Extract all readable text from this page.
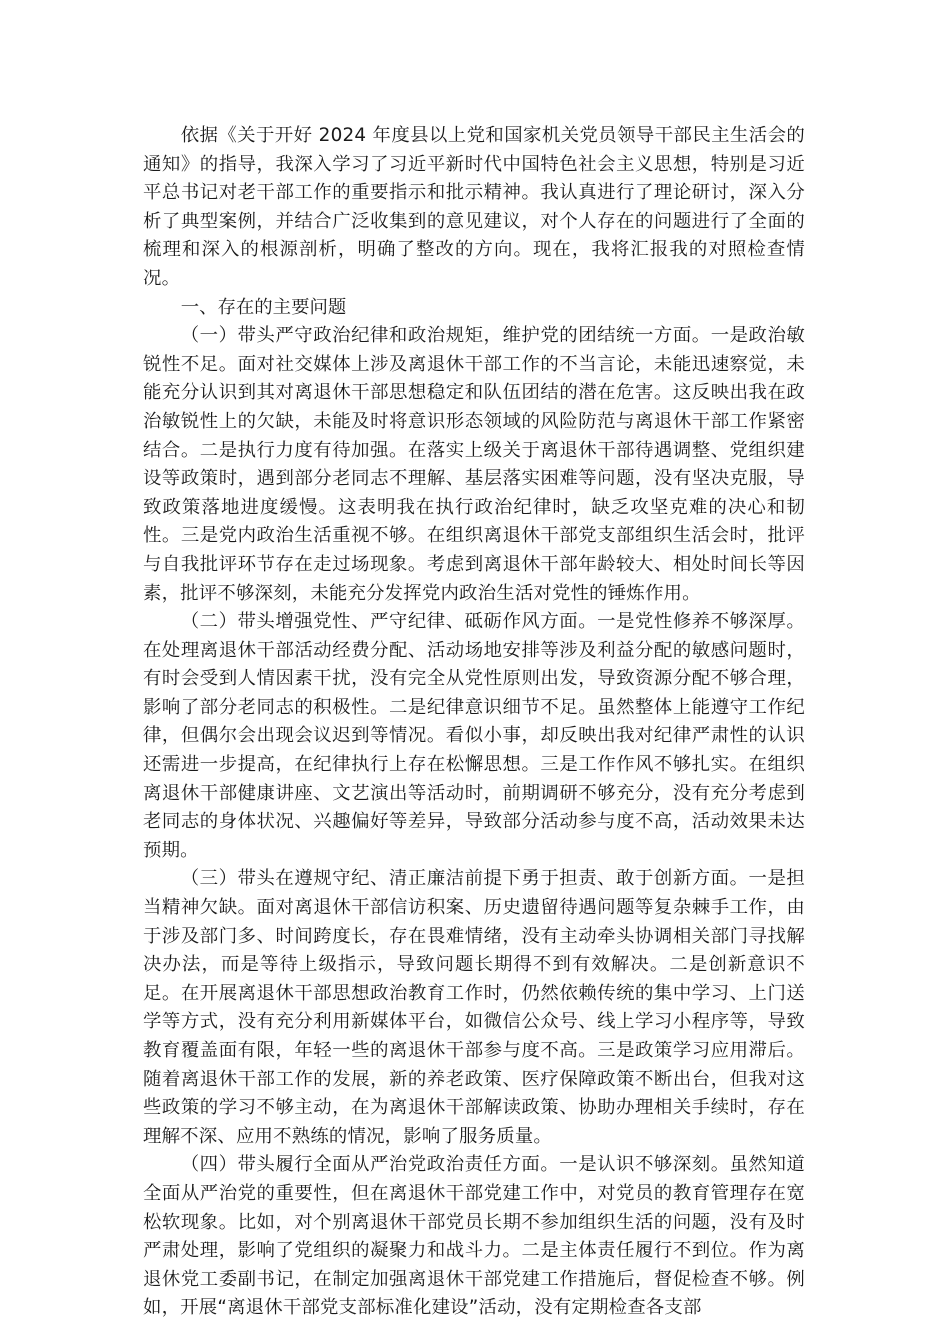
依据《关于开好 2024 年度县以上党和国家机关党员领导干部民主生活会的通知》的指导，我深入学习了习近平新时代中国特色社会主义思想，特别是习近平总书记对老干部工作的重要指示和批示精神。我认真进行了理论研讨，深入分析了典型案例，并结合广泛收集到的意见建议，对个人存在的问题进行了全面的梳理和深入的根源剖析，明确了整改的方向。现在，我将汇报我的对照检查情况。

一、存在的主要问题

（一）带头严守政治纪律和政治规矩，维护党的团结统一方面。一是政治敏锐性不足。面对社交媒体上涉及离退休干部工作的不当言论，未能迅速察觉，未能充分认识到其对离退休干部思想稳定和队伍团结的潜在危害。这反映出我在政治敏锐性上的欠缺，未能及时将意识形态领域的风险防范与离退休干部工作紧密结合。二是执行力度有待加强。在落实上级关于离退休干部待遇调整、党组织建设等政策时，遇到部分老同志不理解、基层落实困难等问题，没有坚决克服，导致政策落地进度缓慢。这表明我在执行政治纪律时，缺乏攻坚克难的决心和韧性。三是党内政治生活重视不够。在组织离退休干部党支部组织生活会时，批评与自我批评环节存在走过场现象。考虑到离退休干部年龄较大、相处时间长等因素，批评不够深刻，未能充分发挥党内政治生活对党性的锤炼作用。

（二）带头增强党性、严守纪律、砥砺作风方面。一是党性修养不够深厚。在处理离退休干部活动经费分配、活动场地安排等涉及利益分配的敏感问题时，有时会受到人情因素干扰，没有完全从党性原则出发，导致资源分配不够合理，影响了部分老同志的积极性。二是纪律意识细节不足。虽然整体上能遵守工作纪律，但偶尔会出现会议迟到等情况。看似小事，却反映出我对纪律严肃性的认识还需进一步提高，在纪律执行上存在松懈思想。三是工作作风不够扎实。在组织离退休干部健康讲座、文艺演出等活动时，前期调研不够充分，没有充分考虑到老同志的身体状况、兴趣偏好等差异，导致部分活动参与度不高，活动效果未达预期。

（三）带头在遵规守纪、清正廉洁前提下勇于担责、敢于创新方面。一是担当精神欠缺。面对离退休干部信访积案、历史遗留待遇问题等复杂棘手工作，由于涉及部门多、时间跨度长，存在畏难情绪，没有主动牵头协调相关部门寻找解决办法，而是等待上级指示，导致问题长期得不到有效解决。二是创新意识不足。在开展离退休干部思想政治教育工作时，仍然依赖传统的集中学习、上门送学等方式，没有充分利用新媒体平台，如微信公众号、线上学习小程序等，导致教育覆盖面有限，年轻一些的离退休干部参与度不高。三是政策学习应用滞后。随着离退休干部工作的发展，新的养老政策、医疗保障政策不断出台，但我对这些政策的学习不够主动，在为离退休干部解读政策、协助办理相关手续时，存在理解不深、应用不熟练的情况，影响了服务质量。

（四）带头履行全面从严治党政治责任方面。一是认识不够深刻。虽然知道全面从严治党的重要性，但在离退休干部党建工作中，对党员的教育管理存在宽松软现象。比如，对个别离退休干部党员长期不参加组织生活的问题，没有及时严肃处理，影响了党组织的凝聚力和战斗力。二是主体责任履行不到位。作为离退休党工委副书记，在制定加强离退休干部党建工作措施后，督促检查不够。例如，开展“离退休干部党支部标准化建设”活动，没有定期检查各支部
